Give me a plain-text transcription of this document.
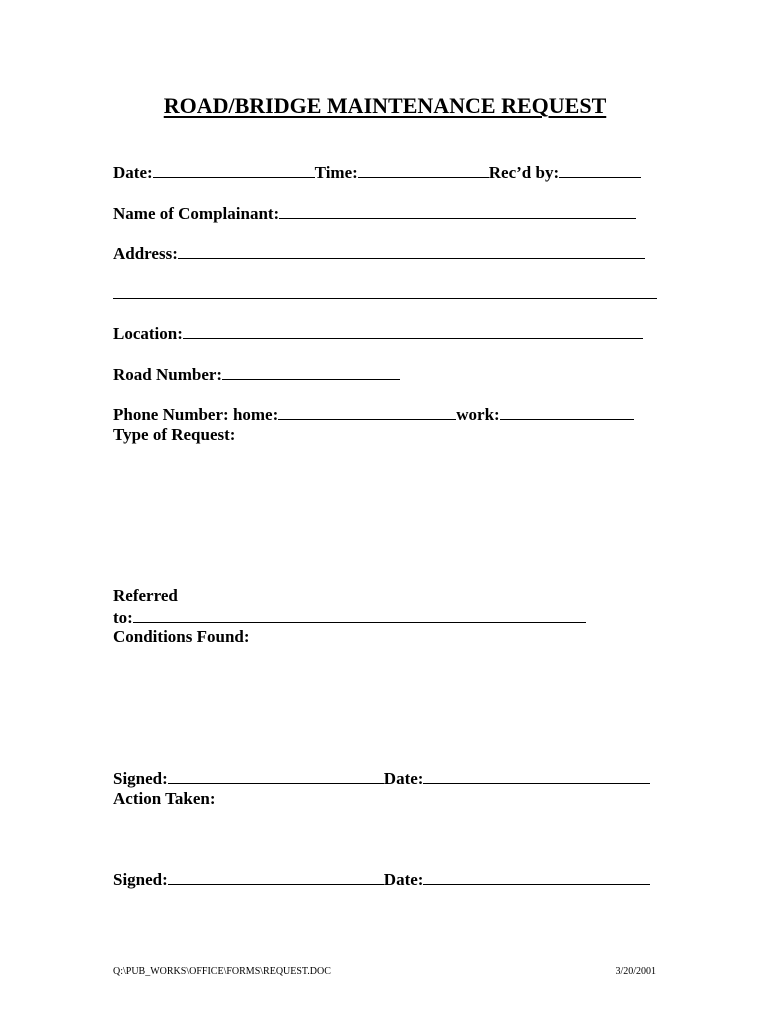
ROAD/BRIDGE MAINTENANCE REQUEST
Date:	Time:	Rec’d by:
Name of Complainant:
Address:
Location:
Road Number:
Phone Number: home:	work:
Type of Request:
Referred
to:
Conditions Found:
Signed:	Date:
Action Taken:
Signed:	Date:
Q:\PUB_WORKS\OFFICE\FORMS\REQUEST.DOC	3/20/2001
